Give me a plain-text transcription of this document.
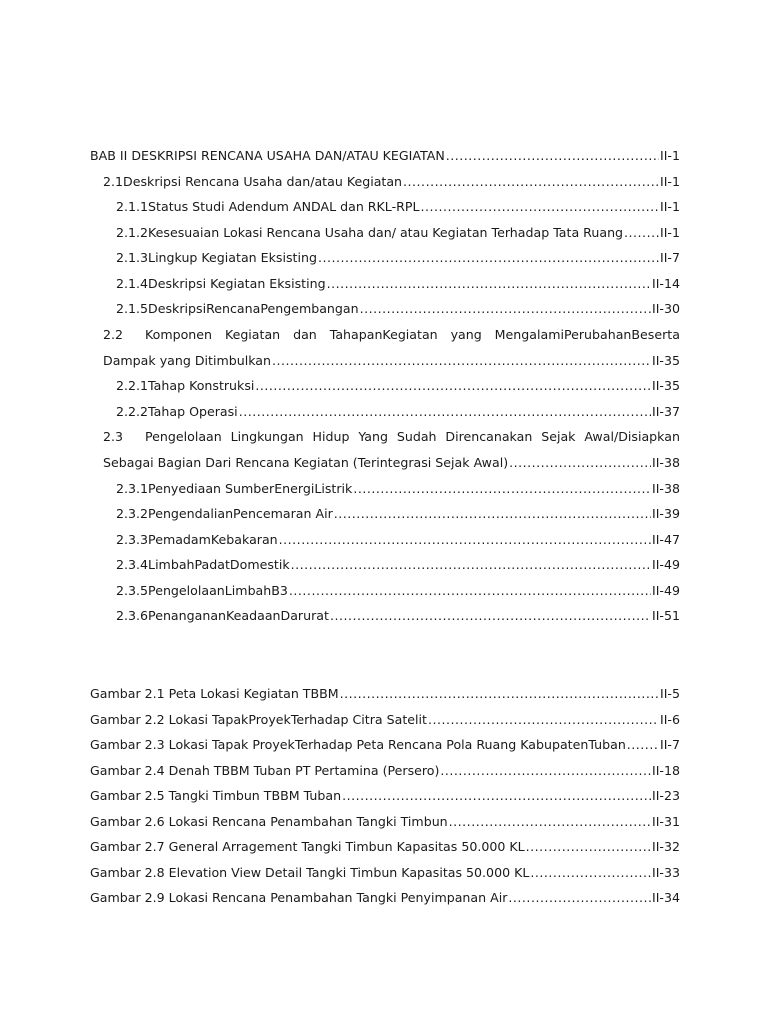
BAB II DESKRIPSI RENCANA USAHA DAN/ATAU KEGIATAN .....	II-1
2.1 Deskripsi Rencana Usaha dan/atau Kegiatan .....	II-1
2.1.1 Status Studi Adendum ANDAL dan RKL-RPL .....	II-1
2.1.2 Kesesuaian Lokasi Rencana Usaha dan/ atau Kegiatan Terhadap Tata Ruang .....	II-1
2.1.3 Lingkup Kegiatan Eksisting .....	II-7
2.1.4 Deskripsi Kegiatan Eksisting .....	II-14
2.1.5 DeskripsiRencanaPengembangan .....	II-30
2.2 Komponen Kegiatan dan TahapanKegiatan yang MengalamiPerubahanBeserta
Dampak yang Ditimbulkan .....	II-35
2.2.1 Tahap Konstruksi .....	II-35
2.2.2 Tahap Operasi .....	II-37
2.3 Pengelolaan Lingkungan Hidup Yang Sudah Direncanakan Sejak Awal/Disiapkan
Sebagai Bagian Dari Rencana Kegiatan (Terintegrasi Sejak Awal) .....	II-38
2.3.1 Penyediaan SumberEnergiListrik .....	II-38
2.3.2 PengendalianPencemaran Air .....	II-39
2.3.3 PemadamKebakaran .....	II-47
2.3.4 LimbahPadatDomestik .....	II-49
2.3.5 PengelolaanLimbahB3 .....	II-49
2.3.6 PenangananKeadaanDarurat .....	II-51
Gambar 2.1 Peta Lokasi Kegiatan TBBM .....	II-5
Gambar 2.2 Lokasi TapakProyekTerhadap Citra Satelit .....	II-6
Gambar 2.3 Lokasi Tapak ProyekTerhadap Peta Rencana Pola Ruang KabupatenTuban .....	II-7
Gambar 2.4 Denah TBBM Tuban PT Pertamina (Persero) .....	II-18
Gambar 2.5 Tangki Timbun TBBM Tuban .....	II-23
Gambar 2.6 Lokasi Rencana Penambahan Tangki Timbun .....	II-31
Gambar 2.7 General Arragement Tangki Timbun Kapasitas 50.000 KL .....	II-32
Gambar 2.8 Elevation View Detail Tangki Timbun Kapasitas 50.000 KL .....	II-33
Gambar 2.9 Lokasi Rencana Penambahan Tangki Penyimpanan Air .....	II-34
